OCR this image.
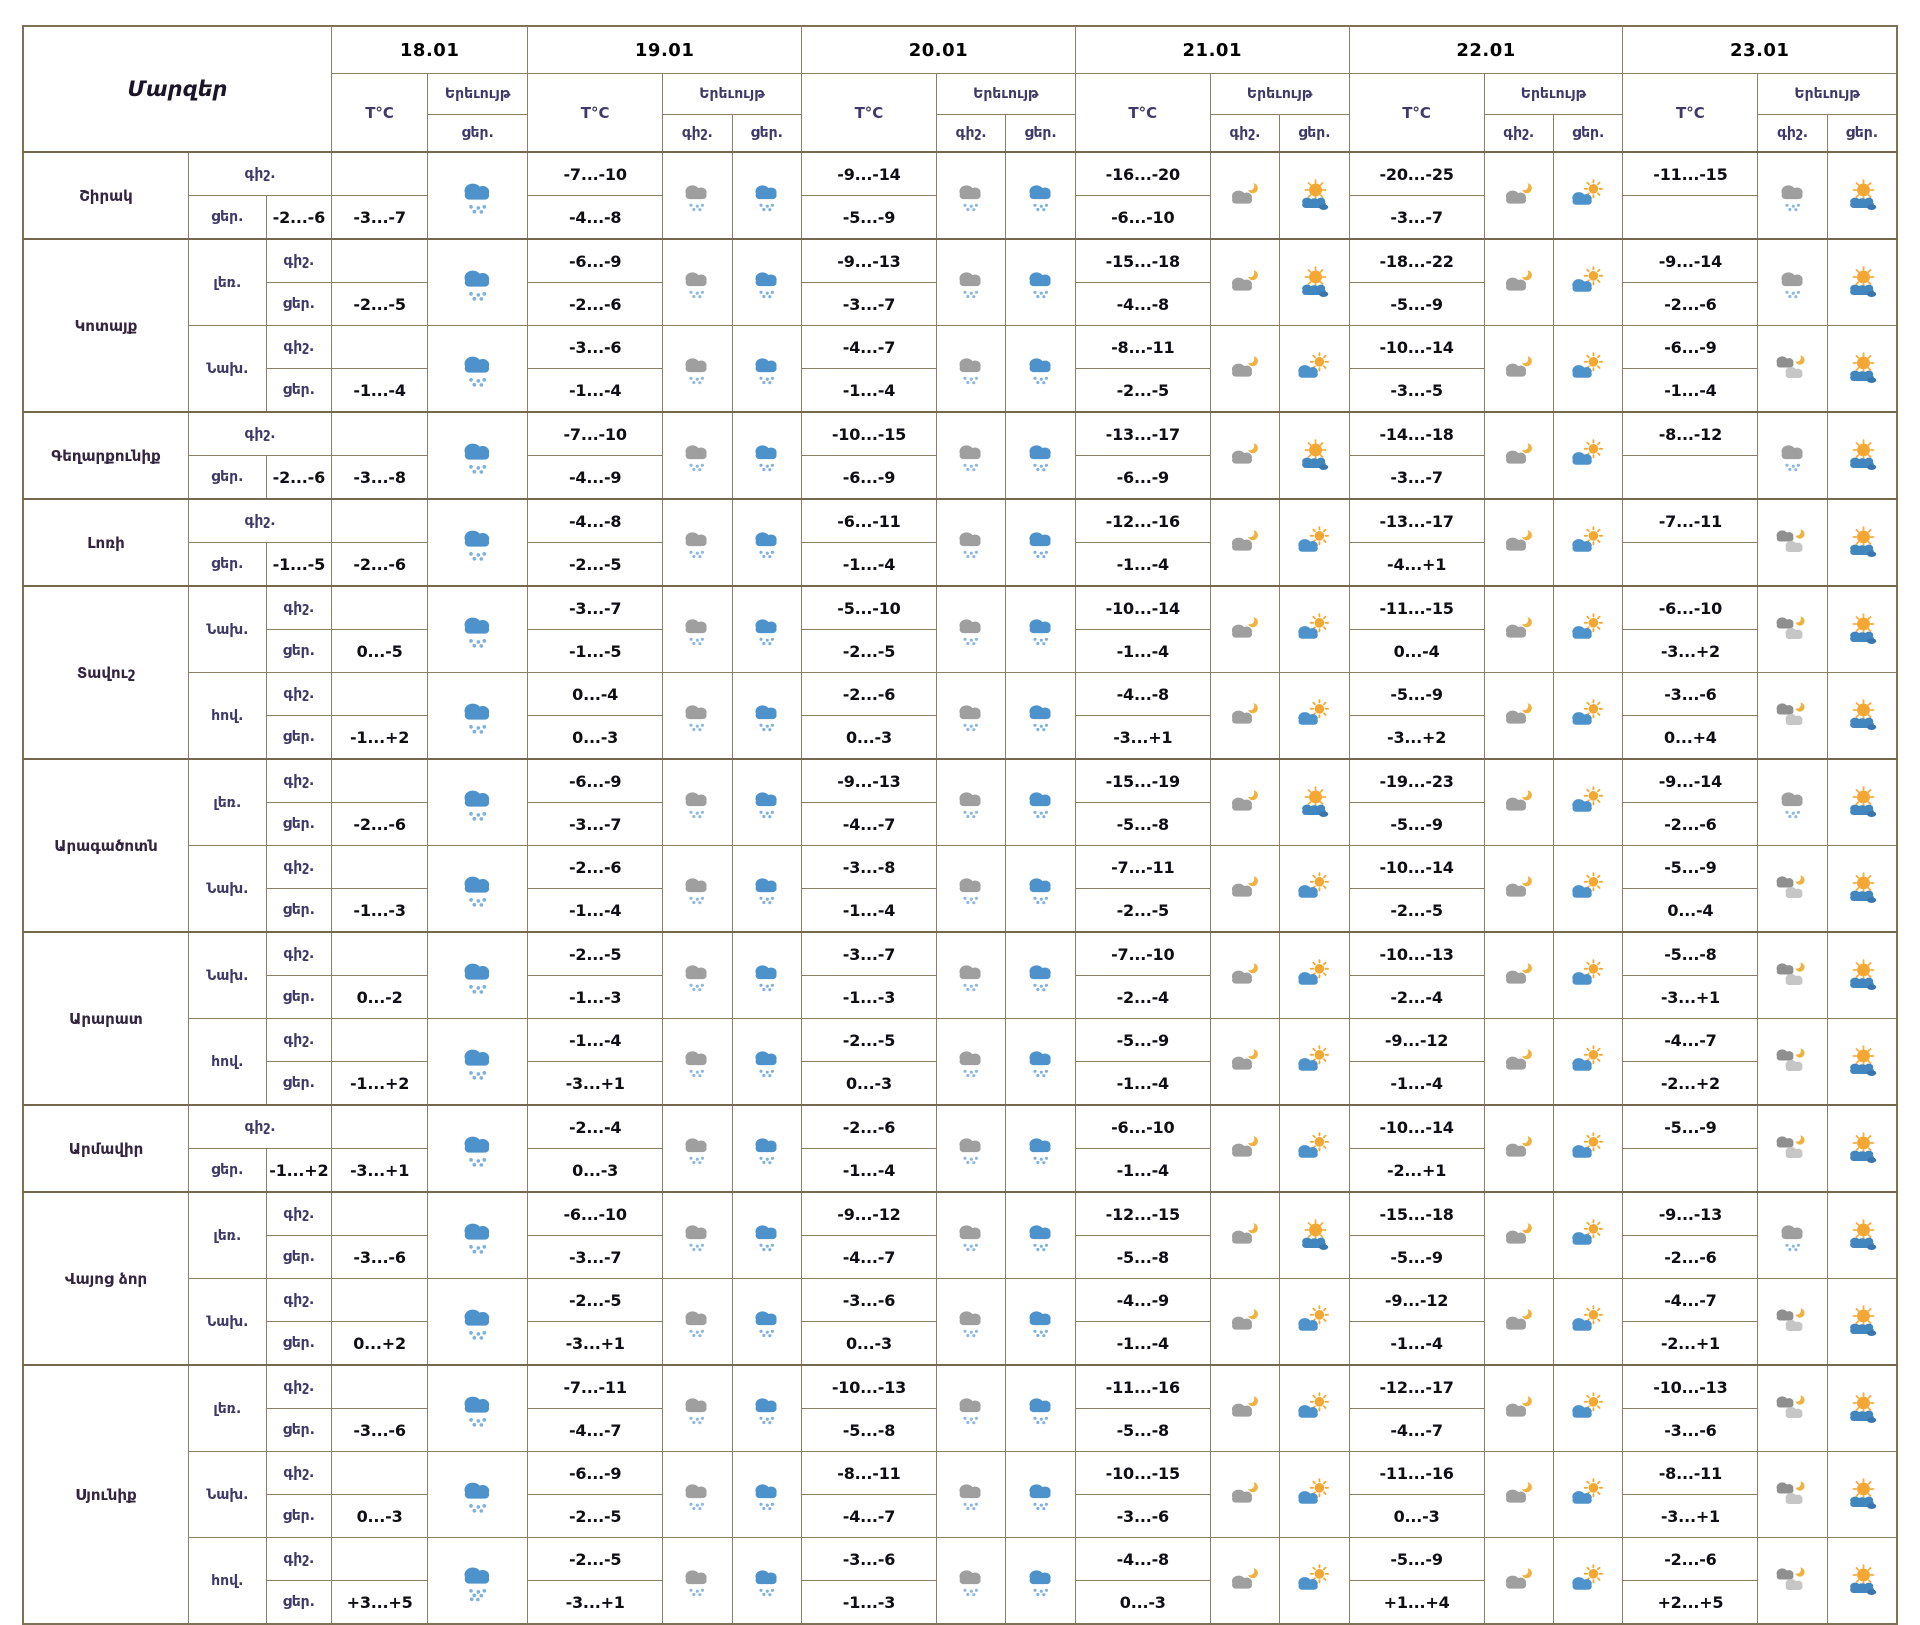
Մարզեր			18.01		19.01			20.01			21.01			22.01			23.01		
			T°C	Երեւույթ	T°C	Երեւույթ		T°C	Երեւույթ		T°C	Երեւույթ		T°C	Երեւույթ		T°C	Երեւույթ	
				ցեր.		գիշ.	ցեր.		գիշ.	ցեր.		գիշ.	ցեր.		գիշ.	ցեր.		գիշ.	ցեր.
Շիրակ	գիշ.				-7...-10			-9...-14			-16...-20			-20...-25			-11...-15	

	ցեր.	-2...-6	-3...-7		-4...-8			-5...-9			-6...-10			-3...-7					
Կոտայք	լեռ.	գիշ.			-6...-9			-9...-13			-15...-18			-18...-22			-9...-14	

		ցեր.	-2...-5		-2...-6			-3...-7			-4...-8			-5...-9			-2...-6		
	Նախ.	գիշ.			-3...-6			-4...-7			-8...-11			-10...-14			-6...-9	

		ցեր.	-1...-4		-1...-4			-1...-4			-2...-5			-3...-5			-1...-4		
Գեղարքունիք	գիշ.				-7...-10			-10...-15			-13...-17			-14...-18			-8...-12	

	ցեր.	-2...-6	-3...-8		-4...-9			-6...-9			-6...-9			-3...-7					
Լոռի	գիշ.				-4...-8			-6...-11			-12...-16			-13...-17			-7...-11	

	ցեր.	-1...-5	-2...-6		-2...-5			-1...-4			-1...-4			-4...+1					
Տավուշ	Նախ.	գիշ.			-3...-7			-5...-10			-10...-14			-11...-15			-6...-10	

		ցեր.	0...-5		-1...-5			-2...-5			-1...-4			0...-4			-3...+2		
	հով.	գիշ.			0...-4			-2...-6			-4...-8			-5...-9			-3...-6	

		ցեր.	-1...+2		0...-3			0...-3			-3...+1			-3...+2			0...+4		
Արագածոտն	լեռ.	գիշ.			-6...-9			-9...-13			-15...-19			-19...-23			-9...-14	

		ցեր.	-2...-6		-3...-7			-4...-7			-5...-8			-5...-9			-2...-6		
	Նախ.	գիշ.			-2...-6			-3...-8			-7...-11			-10...-14			-5...-9	

		ցեր.	-1...-3		-1...-4			-1...-4			-2...-5			-2...-5			0...-4		
Արարատ	Նախ.	գիշ.			-2...-5			-3...-7			-7...-10			-10...-13			-5...-8	

		ցեր.	0...-2		-1...-3			-1...-3			-2...-4			-2...-4			-3...+1		
	հով.	գիշ.			-1...-4			-2...-5			-5...-9			-9...-12			-4...-7	

		ցեր.	-1...+2		-3...+1			0...-3			-1...-4			-1...-4			-2...+2		
Արմավիր	գիշ.				-2...-4			-2...-6			-6...-10			-10...-14			-5...-9	

	ցեր.	-1...+2	-3...+1		0...-3			-1...-4			-1...-4			-2...+1					
Վայոց ձոր	լեռ.	գիշ.			-6...-10			-9...-12			-12...-15			-15...-18			-9...-13	

		ցեր.	-3...-6		-3...-7			-4...-7			-5...-8			-5...-9			-2...-6		
	Նախ.	գիշ.			-2...-5			-3...-6			-4...-9			-9...-12			-4...-7	

		ցեր.	0...+2		-3...+1			0...-3			-1...-4			-1...-4			-2...+1		
Սյունիք	լեռ.	գիշ.			-7...-11			-10...-13			-11...-16			-12...-17			-10...-13	

		ցեր.	-3...-6		-4...-7			-5...-8			-5...-8			-4...-7			-3...-6		
	Նախ.	գիշ.			-6...-9			-8...-11			-10...-15			-11...-16			-8...-11	

		ցեր.	0...-3		-2...-5			-4...-7			-3...-6			0...-3			-3...+1		
	հով.	գիշ.			-2...-5			-3...-6			-4...-8			-5...-9			-2...-6	

		ցեր.	+3...+5		-3...+1			-1...-3			0...-3			+1...+4			+2...+5		
